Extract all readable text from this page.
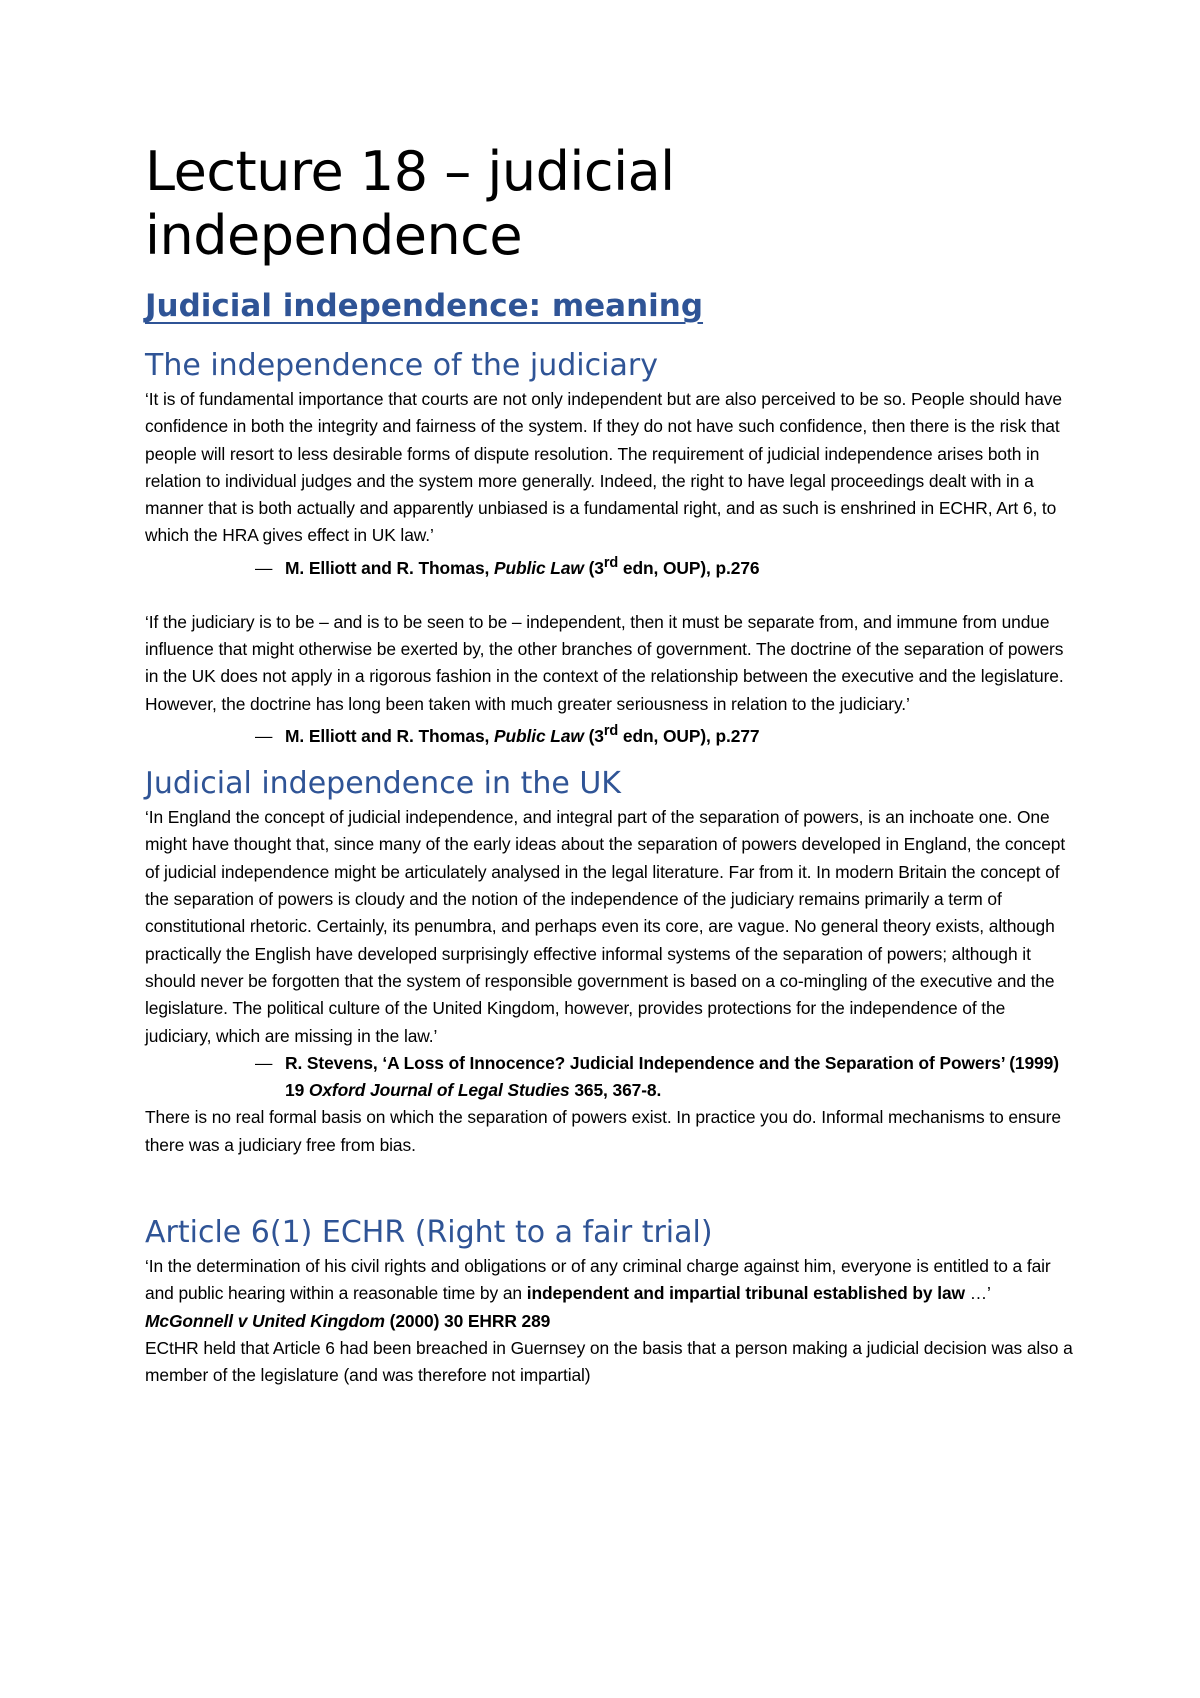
Lecture 18 – judicial
independence
Judicial independence: meaning
The independence of the judiciary

‘It is of fundamental importance that courts are not only independent but are also perceived to be so. People should have confidence in both the integrity and fairness of the system. If they do not have such confidence, then there is the risk that people will resort to less desirable forms of dispute resolution. The requirement of judicial independence arises both in relation to individual judges and the system more generally. Indeed, the right to have legal proceedings dealt with in a manner that is both actually and apparently unbiased is a fundamental right, and as such is enshrined in ECHR, Art 6, to which the HRA gives effect in UK law.’

— M. Elliott and R. Thomas, Public Law (3rd edn, OUP), p.276

‘If the judiciary is to be – and is to be seen to be – independent, then it must be separate from, and immune from undue influence that might otherwise be exerted by, the other branches of government. The doctrine of the separation of powers in the UK does not apply in a rigorous fashion in the context of the relationship between the executive and the legislature. However, the doctrine has long been taken with much greater seriousness in relation to the judiciary.’

— M. Elliott and R. Thomas, Public Law (3rd edn, OUP), p.277

Judicial independence in the UK

‘In England the concept of judicial independence, and integral part of the separation of powers, is an inchoate one. One might have thought that, since many of the early ideas about the separation of powers developed in England, the concept of judicial independence might be articulately analysed in the legal literature. Far from it. In modern Britain the concept of the separation of powers is cloudy and the notion of the independence of the judiciary remains primarily a term of constitutional rhetoric. Certainly, its penumbra, and perhaps even its core, are vague. No general theory exists, although practically the English have developed surprisingly effective informal systems of the separation of powers; although it should never be forgotten that the system of responsible government is based on a co-mingling of the executive and the legislature. The political culture of the United Kingdom, however, provides protections for the independence of the judiciary, which are missing in the law.’

— R. Stevens, ‘A Loss of Innocence? Judicial Independence and the Separation of Powers’ (1999) 19 Oxford Journal of Legal Studies 365, 367-8.

There is no real formal basis on which the separation of powers exist. In practice you do. Informal mechanisms to ensure there was a judiciary free from bias.

Article 6(1) ECHR (Right to a fair trial)

‘In the determination of his civil rights and obligations or of any criminal charge against him, everyone is entitled to a fair and public hearing within a reasonable time by an independent and impartial tribunal established by law …’

McGonnell v United Kingdom (2000) 30 EHRR 289

ECtHR held that Article 6 had been breached in Guernsey on the basis that a person making a judicial decision was also a member of the legislature (and was therefore not impartial)
